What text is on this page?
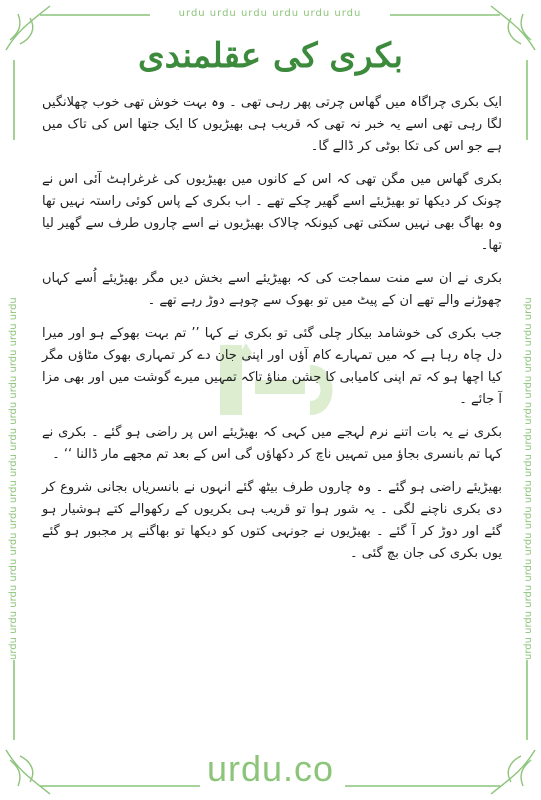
urdu urdu urdu urdu urdu urdu
urdu urdu urdu urdu urdu urdu urdu urdu urdu urdu urdu urdu urdu urdu	urdu urdu urdu urdu urdu urdu urdu urdu urdu urdu urdu urdu urdu urdu
بکری کی عقلمندی

ایک بکری چراگاہ میں گھاس چرتی پھر رہی تھی ۔ وہ بہت خوش تھی خوب چھلانگیں لگا رہی تھی اسے یہ خبر نہ تھی کہ قریب ہی بھیڑیوں کا ایک جتھا اس کی تاک میں ہے جو اس کی تکا بوٹی کر ڈالے گا۔

بکری گھاس میں مگن تھی کہ اس کے کانوں میں بھیڑیوں کی غرغراہٹ آئی اس نے چونک کر دیکھا تو بھیڑیئے اسے گھیر چکے تھے ۔ اب بکری کے پاس کوئی راستہ نہیں تھا وہ بھاگ بھی نہیں سکتی تھی کیونکہ چالاک بھیڑیوں نے اسے چاروں طرف سے گھیر لیا تھا۔

بکری نے ان سے منت سماجت کی کہ بھیڑیئے اسے بخش دیں مگر بھیڑیئے اُسے کہاں چھوڑنے والے تھے ان کے پیٹ میں تو بھوک سے چوہے دوڑ رہے تھے ۔

جب بکری کی خوشامد بیکار چلی گئی تو بکری نے کہا ’’ تم بہت بھوکے ہو اور میرا دل چاہ رہا ہے کہ میں تمہارے کام آؤں اور اپنی جان دے کر تمہاری بھوک مٹاؤں مگر کیا اچھا ہو کہ تم اپنی کامیابی کا جشن مناؤ تاکہ تمہیں میرے گوشت میں اور بھی مزا آ جائے ۔

بکری نے یہ بات اتنے نرم لہجے میں کہی کہ بھیڑیئے اس پر راضی ہو گئے ۔ بکری نے کہا تم بانسری بجاؤ میں تمہیں ناچ کر دکھاؤں گی اس کے بعد تم مجھے مار ڈالنا ‘‘ ۔

بھیڑیئے راضی ہو گئے ۔ وہ چاروں طرف بیٹھ گئے انہوں نے بانسریاں بجانی شروع کر دی بکری ناچنے لگی ۔ یہ شور ہوا تو قریب ہی بکریوں کے رکھوالے کتے ہوشیار ہو گئے اور دوڑ کر آ گئے ۔ بھیڑیوں نے جونہی کتوں کو دیکھا تو بھاگنے پر مجبور ہو گئے یوں بکری کی جان بچ گئی ۔

urdu.co
